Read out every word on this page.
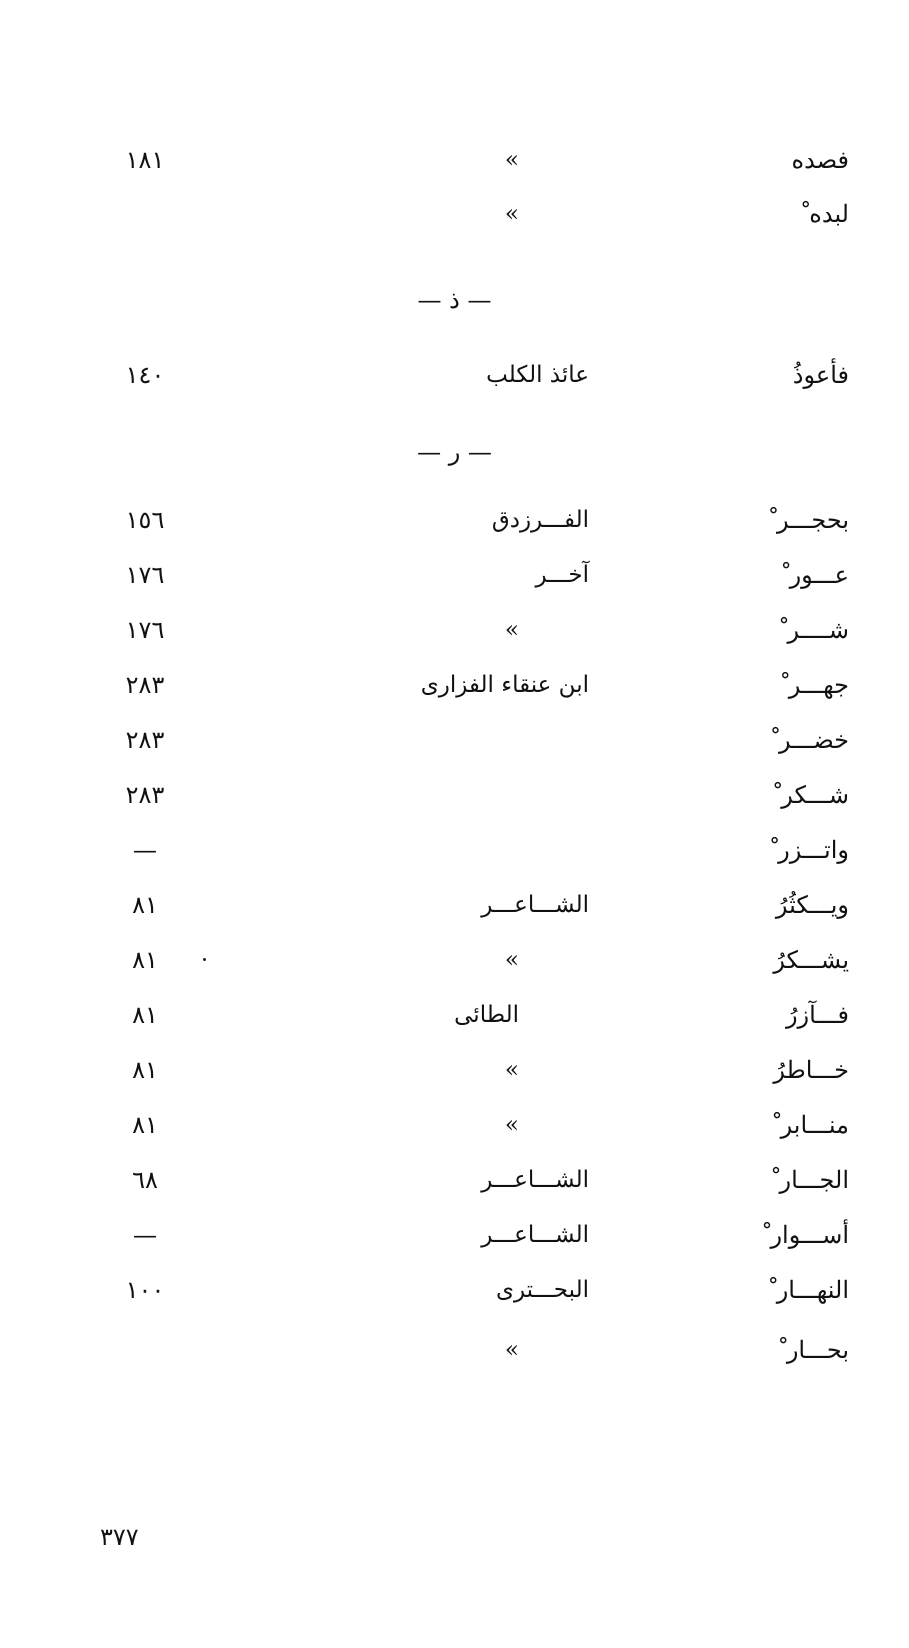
فصده
»
١٨١
لبده ْ
»
— ذ —
فأعوذُ
عائذ الكلب
١٤٠
— ر —
بحجـــر ْ
الفـــرزدق
١٥٦
عـــور ْ
آخـــر
١٧٦
شــــر ْ
»
١٧٦
جهـــر ْ
ابن عنقاء الفزارى
٢٨٣
خضـــر ْ
٢٨٣
شـــكر ْ
٢٨٣
واتـــزر ْ
—
ويـــكثُرُ
الشـــاعـــر
٨١
يشـــكرُ
»
٨١
فـــآزرُ
الطائى
٨١
خـــاطرُ
»
٨١
منـــابر ْ
»
٨١
الجـــار ْ
الشـــاعـــر
٦٨
أســـوار ْ
الشـــاعـــر
—
النهـــار ْ
البحـــترى
١٠٠
بحـــار ْ
»
٣٧٧
